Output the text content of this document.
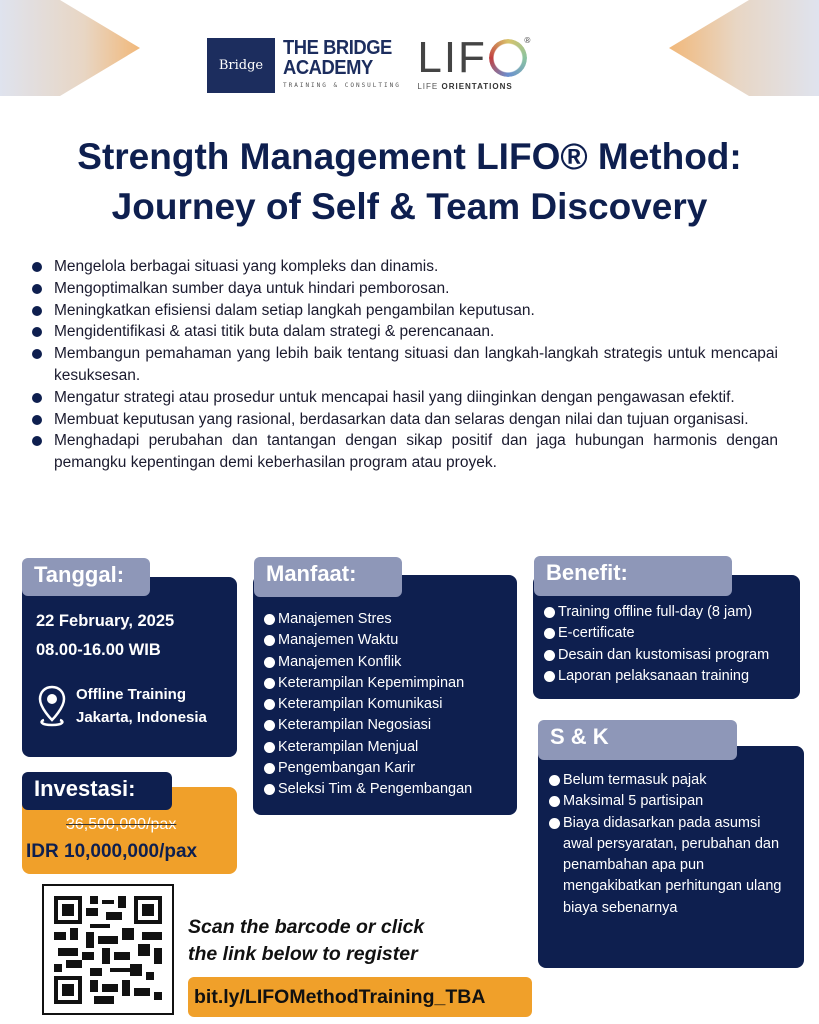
Bridge
THE BRIDGE
ACADEMY
TRAINING & CONSULTING
LIF	®
LIFE ORIENTATIONS
Strength Management LIFO® Method:
Journey of Self & Team Discovery
Mengelola berbagai situasi yang kompleks dan dinamis.
Mengoptimalkan sumber daya untuk hindari pemborosan.
Meningkatkan efisiensi dalam setiap langkah pengambilan keputusan.
Mengidentifikasi & atasi titik buta dalam strategi & perencanaan.
Membangun pemahaman yang lebih baik tentang situasi dan langkah-langkah strategis untuk mencapai kesuksesan.
Mengatur strategi atau prosedur untuk mencapai hasil yang diinginkan dengan pengawasan efektif.
Membuat keputusan yang rasional, berdasarkan data dan selaras dengan nilai dan tujuan organisasi.
Menghadapi perubahan dan tantangan dengan sikap positif dan jaga hubungan harmonis dengan pemangku kepentingan demi keberhasilan program atau proyek.
22 February, 2025
08.00-16.00 WIB
Offline Training
Jakarta, Indonesia
Tanggal:
Manajemen Stres
Manajemen Waktu
Manajemen Konflik
Keterampilan Kepemimpinan
Keterampilan Komunikasi
Keterampilan Negosiasi
Keterampilan Menjual
Pengembangan Karir
Seleksi Tim & Pengembangan
Manfaat:
Training offline full-day (8 jam)
E-certificate
Desain dan kustomisasi program
Laporan pelaksanaan training
Benefit:
Belum termasuk pajak
Maksimal 5 partisipan
Biaya didasarkan pada asumsi awal persyaratan, perubahan dan penambahan apa pun mengakibatkan perhitungan ulang biaya sebenarnya
S & K
Investasi:
36,500,000/pax
IDR 10,000,000/pax
Scan the barcode or click
the link below to register
bit.ly/LIFOMethodTraining_TBA
